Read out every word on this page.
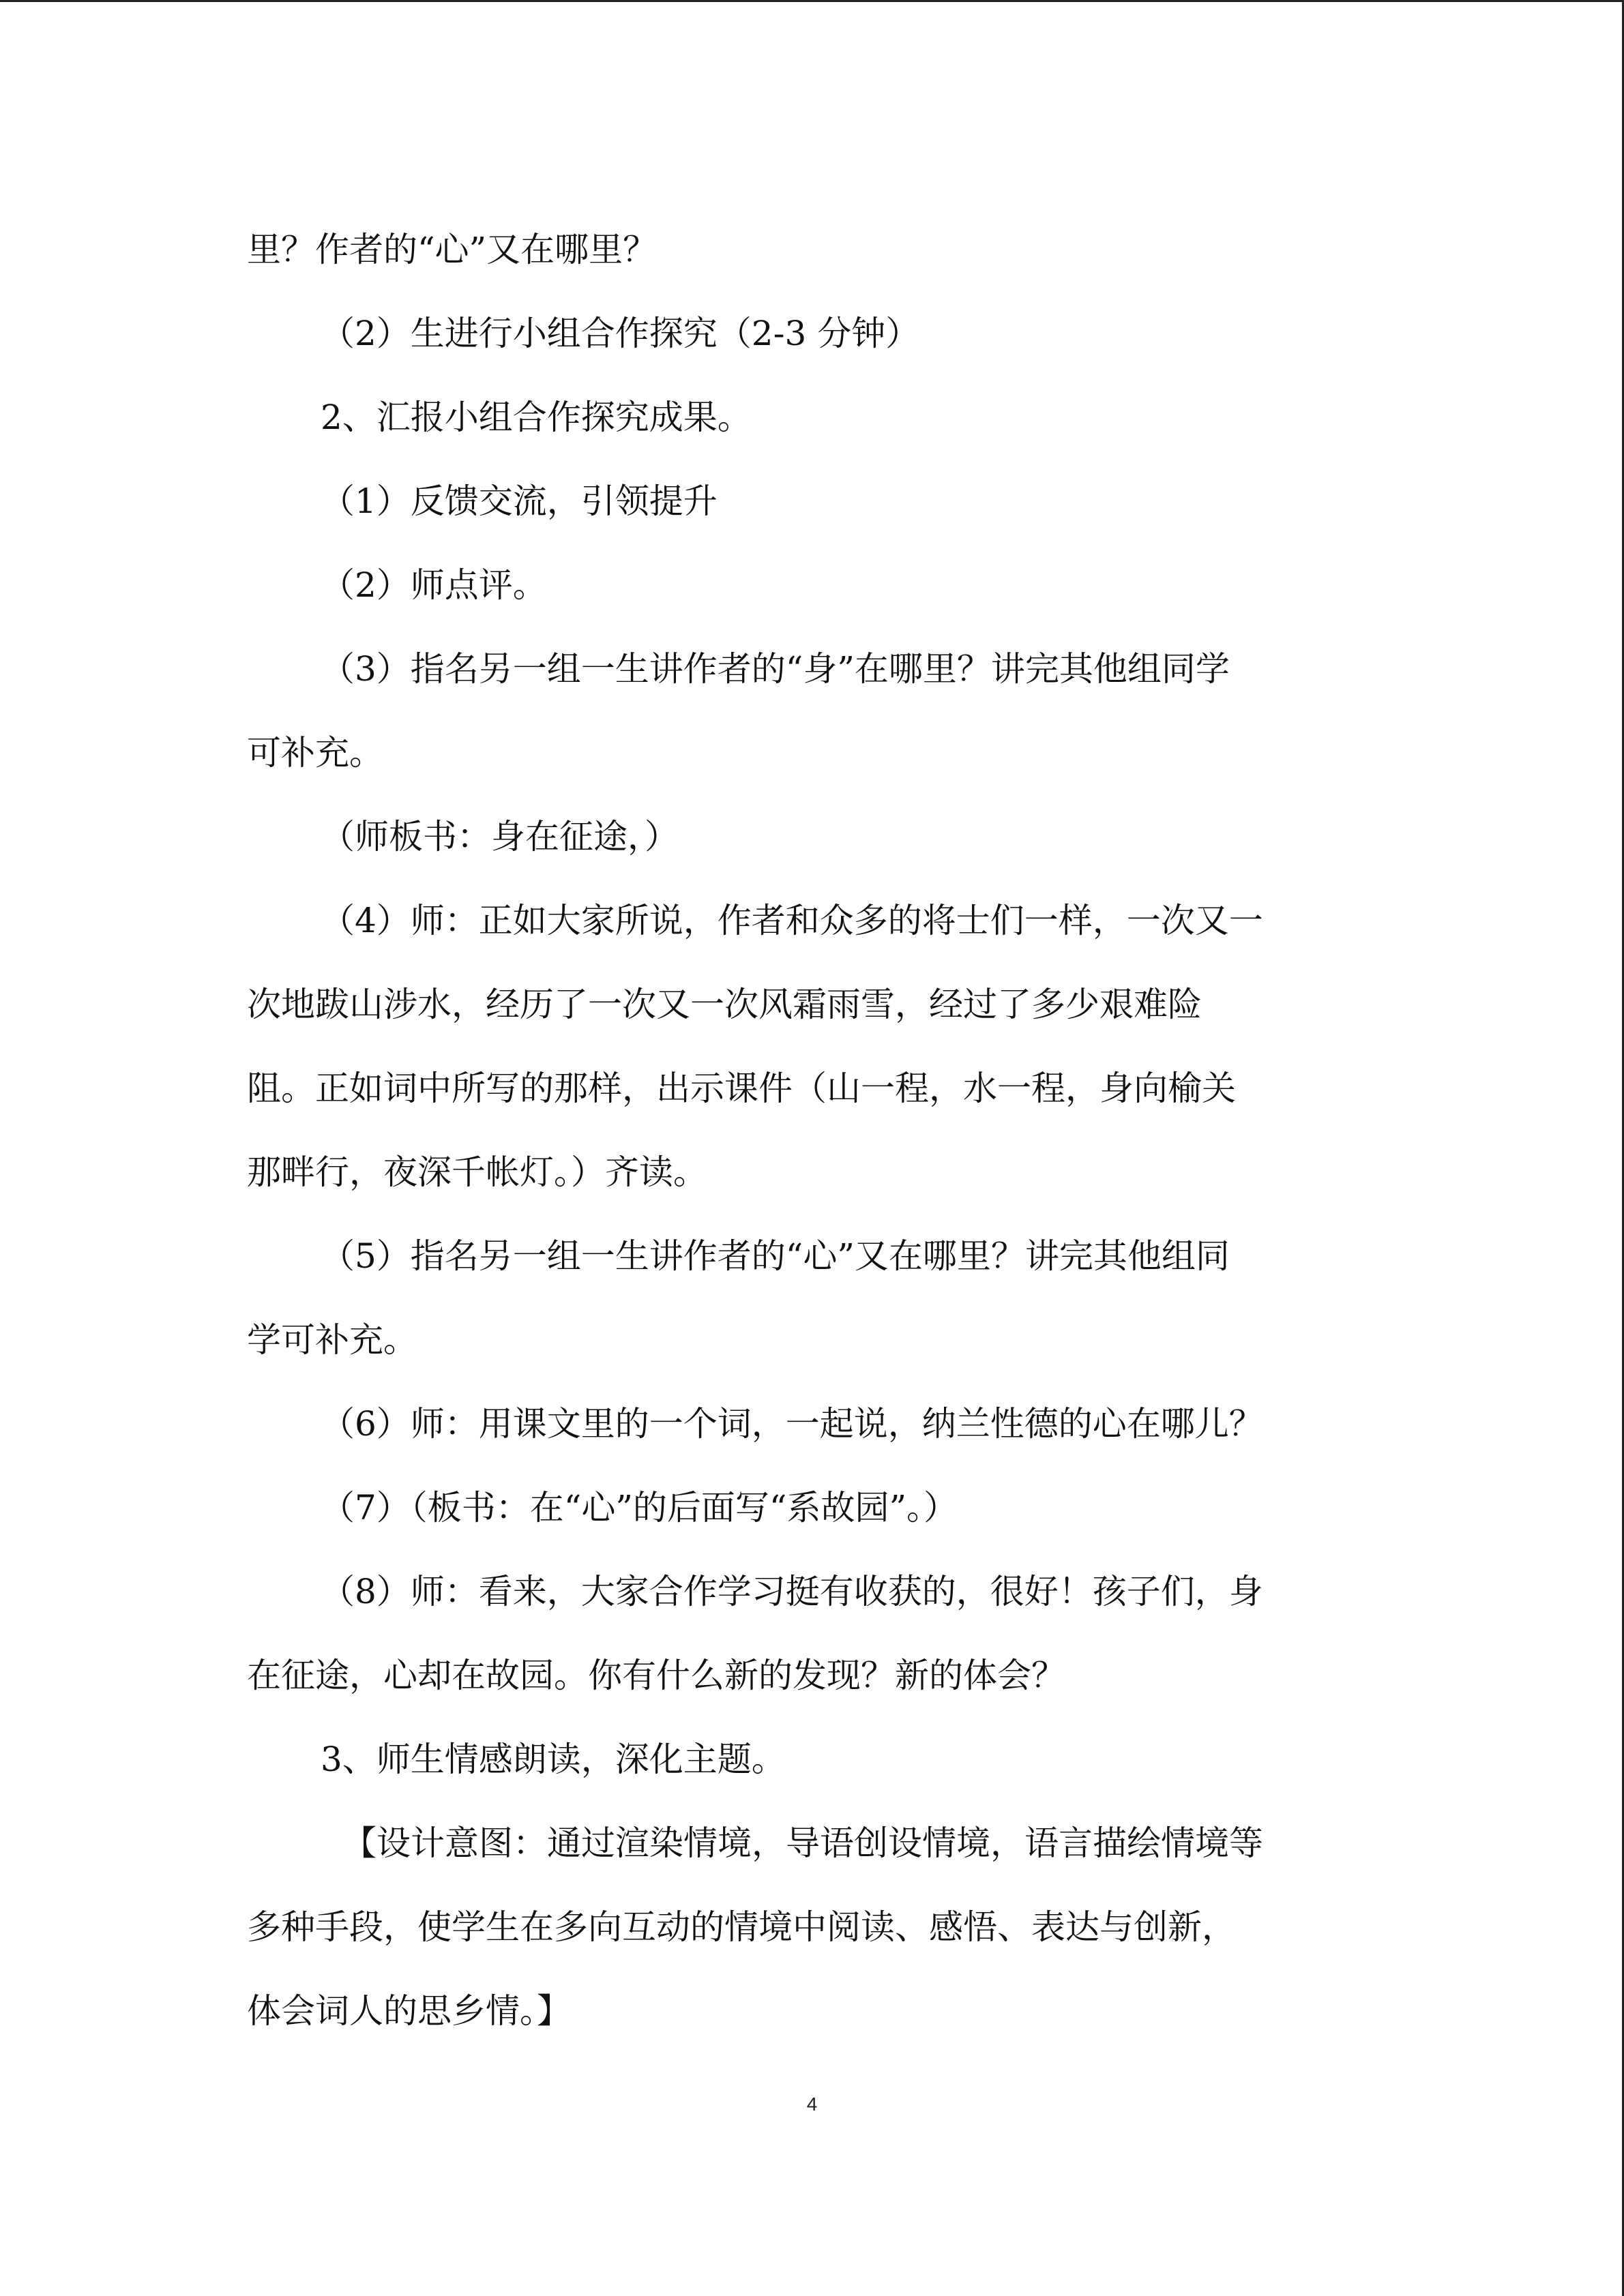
里？作者的“心”又在哪里？
（2）生进行小组合作探究（2-3 分钟）
2、汇报小组合作探究成果。
（1）反馈交流，引领提升
（2）师点评。
（3）指名另一组一生讲作者的“身”在哪里？讲完其他组同学
可补充。
（师板书：身在征途，）
（4）师：正如大家所说，作者和众多的将士们一样，一次又一
次地跋山涉水，经历了一次又一次风霜雨雪，经过了多少艰难险
阻。正如词中所写的那样，出示课件（山一程，水一程，身向榆关
那畔行，夜深千帐灯。）齐读。
（5）指名另一组一生讲作者的“心”又在哪里？讲完其他组同
学可补充。
（6）师：用课文里的一个词，一起说，纳兰性德的心在哪儿？
（7）（板书：在“心”的后面写“系故园”。）
（8）师：看来，大家合作学习挺有收获的，很好！孩子们，身
在征途，心却在故园。你有什么新的发现？新的体会？
3、师生情感朗读，深化主题。
【设计意图：通过渲染情境，导语创设情境，语言描绘情境等
多种手段，使学生在多向互动的情境中阅读、感悟、表达与创新，
体会词人的思乡情。】
4
